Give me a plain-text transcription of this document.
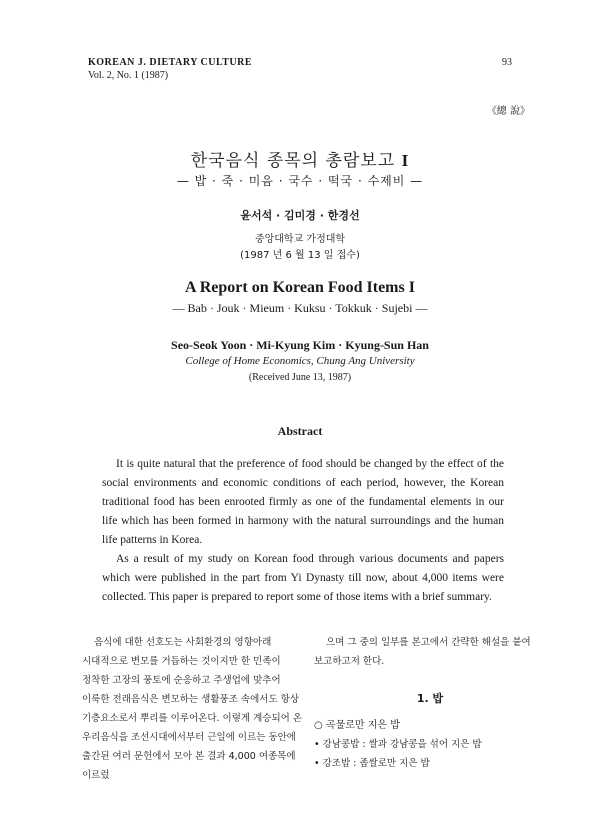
KOREAN J. DIETARY CULTURE
Vol. 2, No. 1 (1987)
93
《總 說》
한국음식 종목의 총람보고 I
— 밥 · 죽 · 미음 · 국수 · 떡국 · 수제비 —
윤서석 · 김미경 · 한경선
중앙대학교 가정대학
(1987 년 6 월 13 일 접수)
A Report on Korean Food Items I
— Bab · Jouk · Mieum · Kuksu · Tokkuk · Sujebi —
Seo-Seok Yoon · Mi-Kyung Kim · Kyung-Sun Han
College of Home Economics, Chung Ang University
(Received June 13, 1987)
Abstract

It is quite natural that the preference of food should be changed by the effect of the social environments and economic conditions of each period, however, the Korean traditional food has been enrooted firmly as one of the fundamental elements in our life which has been formed in harmony with the natural surroundings and the human life patterns in Korea.

As a result of my study on Korean food through various documents and papers which were published in the part from Yi Dynasty till now, about 4,000 items were collected. This paper is prepared to report some of those items with a brief summary.

음식에 대한 선호도는 사회환경의 영향아래 시대적으로 변모를 거듭하는 것이지만 한 민족이 정착한 고장의 풍토에 순응하고 주생업에 맞추어 이룩한 전래음식은 변모하는 생활풍조 속에서도 항상 기층요소로서 뿌리를 이루어온다. 이렇게 계승되어 온 우리음식을 조선시대에서부터 근일에 이르는 동안에 출간된 여러 문헌에서 모아 본 결과 4,000 여종목에 이르렀

으며 그 중의 일부를 본고에서 간략한 해설을 붙여 보고하고저 한다.

1. 밥
○ 곡물로만 지은 밥
• 강남콩밥 : 쌀과 강남콩을 섞어 지은 밥
• 강조밥 : 좁쌀로만 지은 밥
